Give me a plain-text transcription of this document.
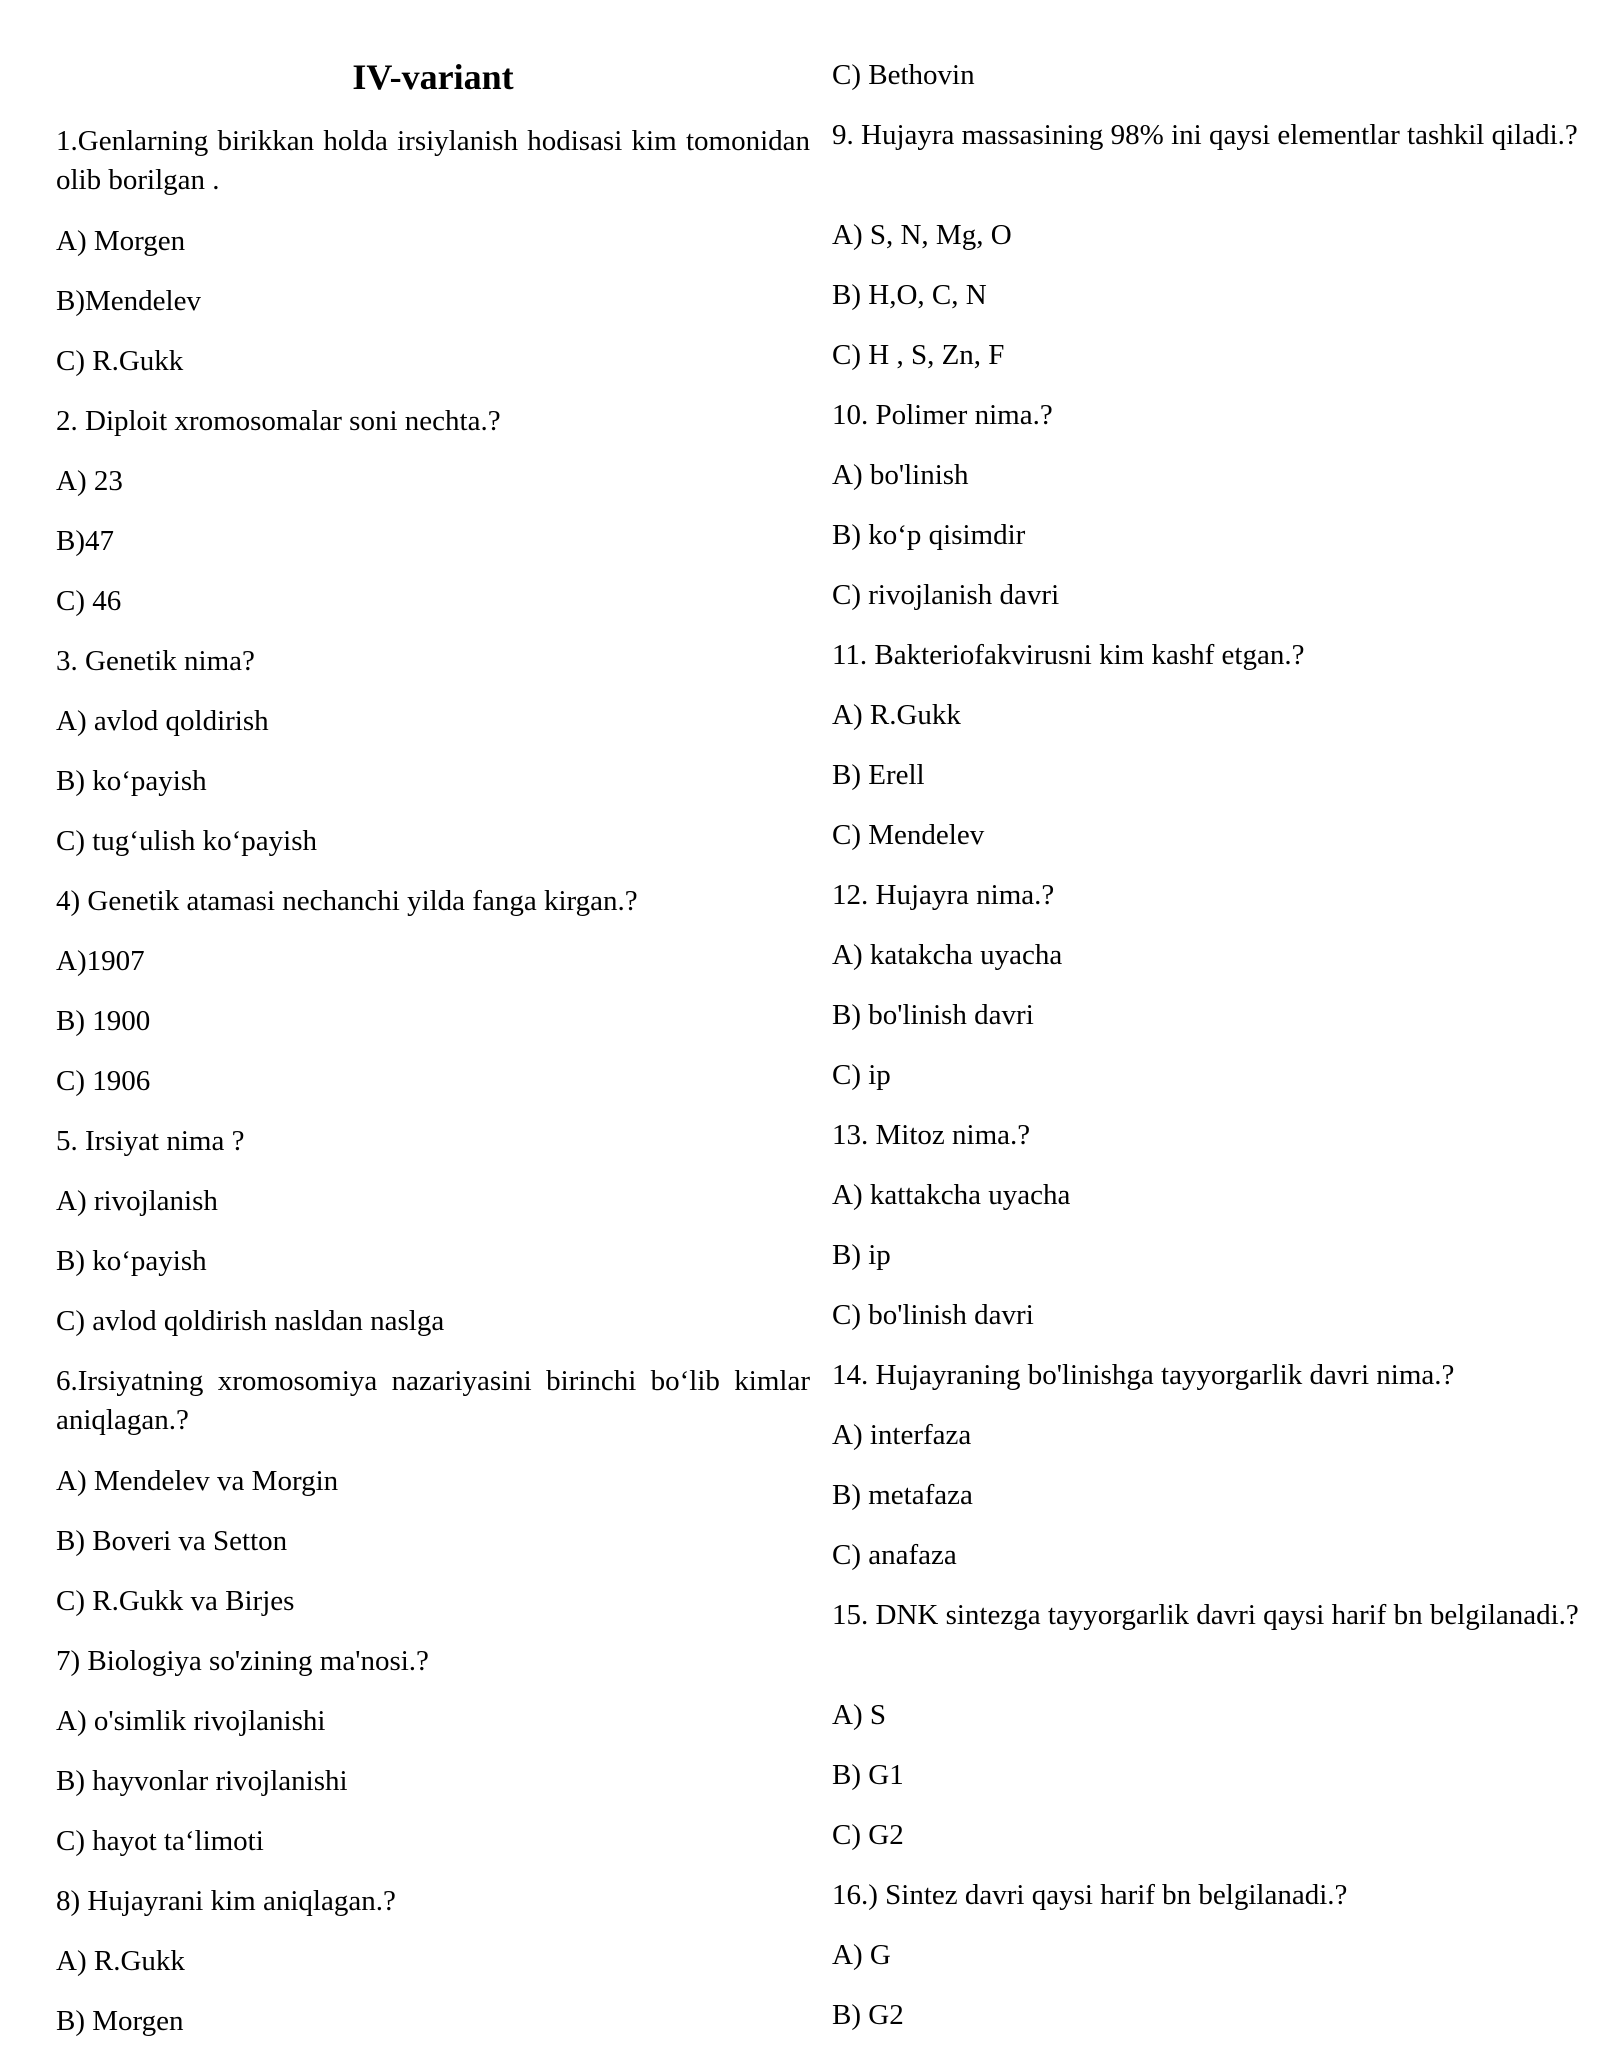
IV-variant

1.Genlarning birikkan holda irsiylanish hodisasi kim tomonidan olib borilgan .

A) Morgen

B)Mendelev

C) R.Gukk

2. Diploit xromosomalar soni nechta.?

A) 23

B)47

C) 46

3. Genetik nima?

A) avlod qoldirish

B) ko‘payish

C) tug‘ulish ko‘payish

4) Genetik atamasi nechanchi yilda fanga kirgan.?

A)1907

B) 1900

C) 1906

5. Irsiyat nima ?

A) rivojlanish

B) ko‘payish

C) avlod qoldirish nasldan naslga

6.Irsiyatning xromosomiya nazariyasini birinchi bo‘lib kimlar aniqlagan.?

A) Mendelev va Morgin

B) Boveri va Setton

C) R.Gukk va Birjes

7) Biologiya so'zining ma'nosi.?

A) o'simlik rivojlanishi

B) hayvonlar rivojlanishi

C) hayot ta‘limoti

8) Hujayrani kim aniqlagan.?

A) R.Gukk

B) Morgen

C) Bethovin

9. Hujayra massasining 98% ini qaysi elementlar tashkil qiladi.?

A) S, N, Mg, O

B) H,O, C, N

C) H , S, Zn, F

10. Polimer nima.?

A) bo'linish

B) ko‘p qisimdir

C) rivojlanish davri

11. Bakteriofakvirusni kim kashf etgan.?

A) R.Gukk

B) Erell

C) Mendelev

12. Hujayra nima.?

A) katakcha uyacha

B) bo'linish davri

C) ip

13. Mitoz nima.?

A) kattakcha uyacha

B) ip

C) bo'linish davri

14. Hujayraning bo'linishga tayyorgarlik davri nima.?

A) interfaza

B) metafaza

C) anafaza

15. DNK sintezga tayyorgarlik davri qaysi harif bn belgilanadi.?

A) S

B) G1

C) G2

16.) Sintez davri qaysi harif bn belgilanadi.?

A) G

B) G2
